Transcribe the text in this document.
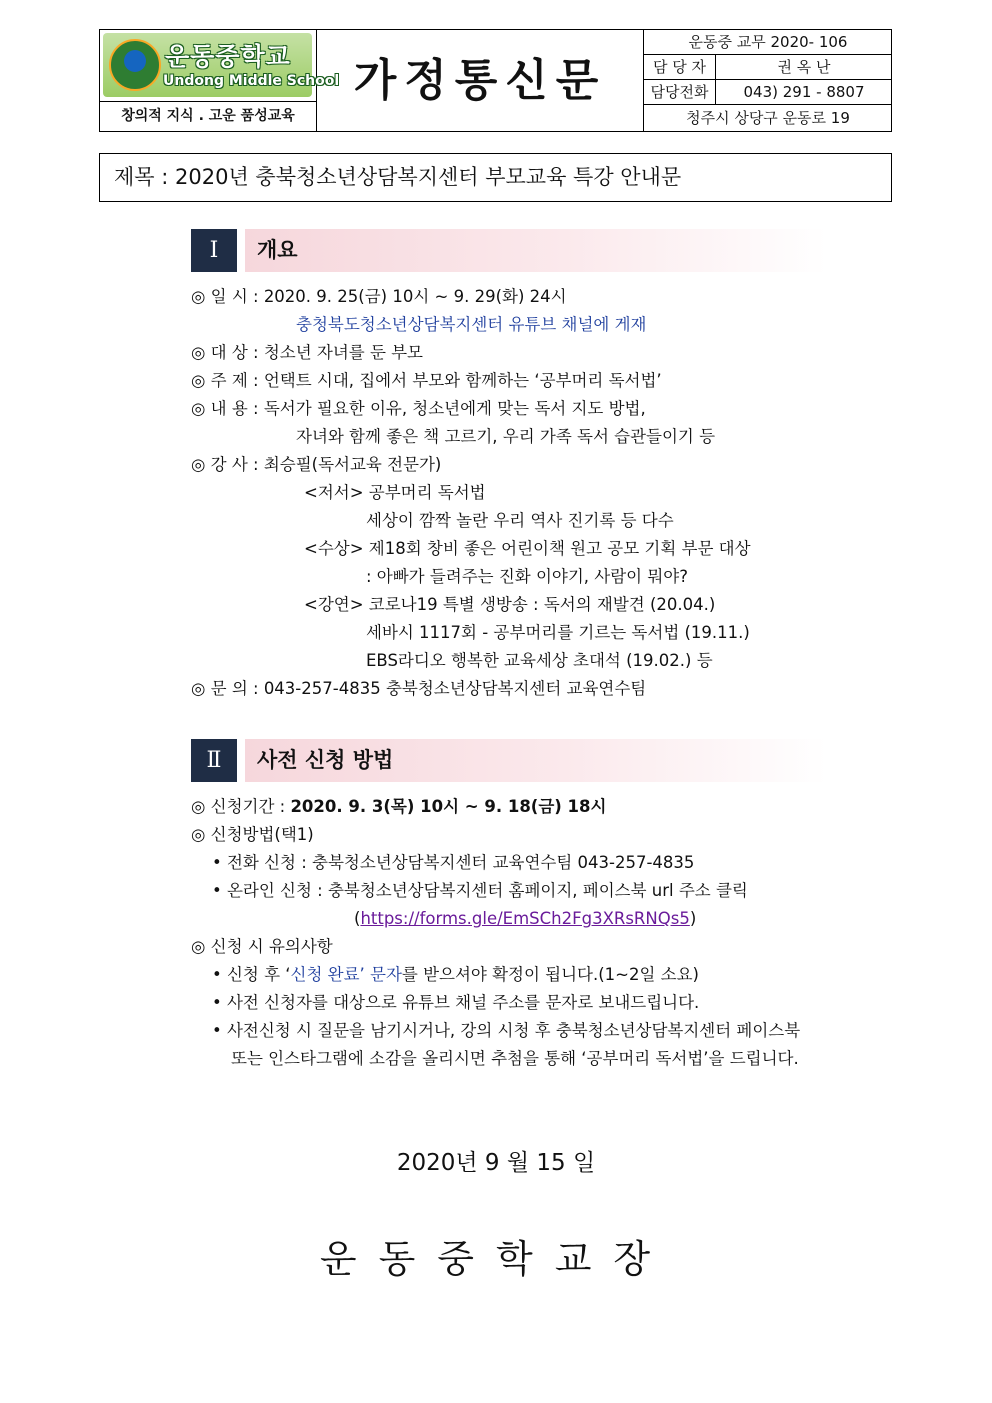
운동중학교
Undong Middle School
창의적 지식 . 고운 품성교육
가정통신문
운동중 교무 2020- 106
담 당 자	권 옥 난
담당전화	043) 291 - 8807
청주시 상당구 운동로 19
제목 : 2020년 충북청소년상담복지센터 부모교육 특강 안내문
Ⅰ	개요
◎ 일 시 : 2020. 9. 25(금) 10시 ~ 9. 29(화) 24시
충청북도청소년상담복지센터 유튜브 채널에 게재
◎ 대 상 : 청소년 자녀를 둔 부모
◎ 주 제 : 언택트 시대, 집에서 부모와 함께하는 ‘공부머리 독서법’
◎ 내 용 : 독서가 필요한 이유, 청소년에게 맞는 독서 지도 방법,
자녀와 함께 좋은 책 고르기, 우리 가족 독서 습관들이기 등
◎ 강 사 : 최승필(독서교육 전문가)
<저서> 공부머리 독서법
세상이 깜짝 놀란 우리 역사 진기록 등 다수
<수상> 제18회 창비 좋은 어린이책 원고 공모 기획 부문 대상
: 아빠가 들려주는 진화 이야기, 사람이 뭐야?
<강연> 코로나19 특별 생방송 : 독서의 재발견 (20.04.)
세바시 1117회 - 공부머리를 기르는 독서법 (19.11.)
EBS라디오 행복한 교육세상 초대석 (19.02.) 등
◎ 문 의 : 043-257-4835 충북청소년상담복지센터 교육연수팀
Ⅱ	사전 신청 방법
◎ 신청기간 : 2020. 9. 3(목) 10시 ~ 9. 18(금) 18시
◎ 신청방법(택1)
• 전화 신청 : 충북청소년상담복지센터 교육연수팀 043-257-4835
• 온라인 신청 : 충북청소년상담복지센터 홈페이지, 페이스북 url 주소 클릭
(https://forms.gle/EmSCh2Fg3XRsRNQs5)
◎ 신청 시 유의사항
• 신청 후 ‘신청 완료’ 문자를 받으셔야 확정이 됩니다.(1~2일 소요)
• 사전 신청자를 대상으로 유튜브 채널 주소를 문자로 보내드립니다.
• 사전신청 시 질문을 남기시거나, 강의 시청 후 충북청소년상담복지센터 페이스북
또는 인스타그램에 소감을 올리시면 추첨을 통해 ‘공부머리 독서법’을 드립니다.
2020년 9 월 15 일
운동중학교장
